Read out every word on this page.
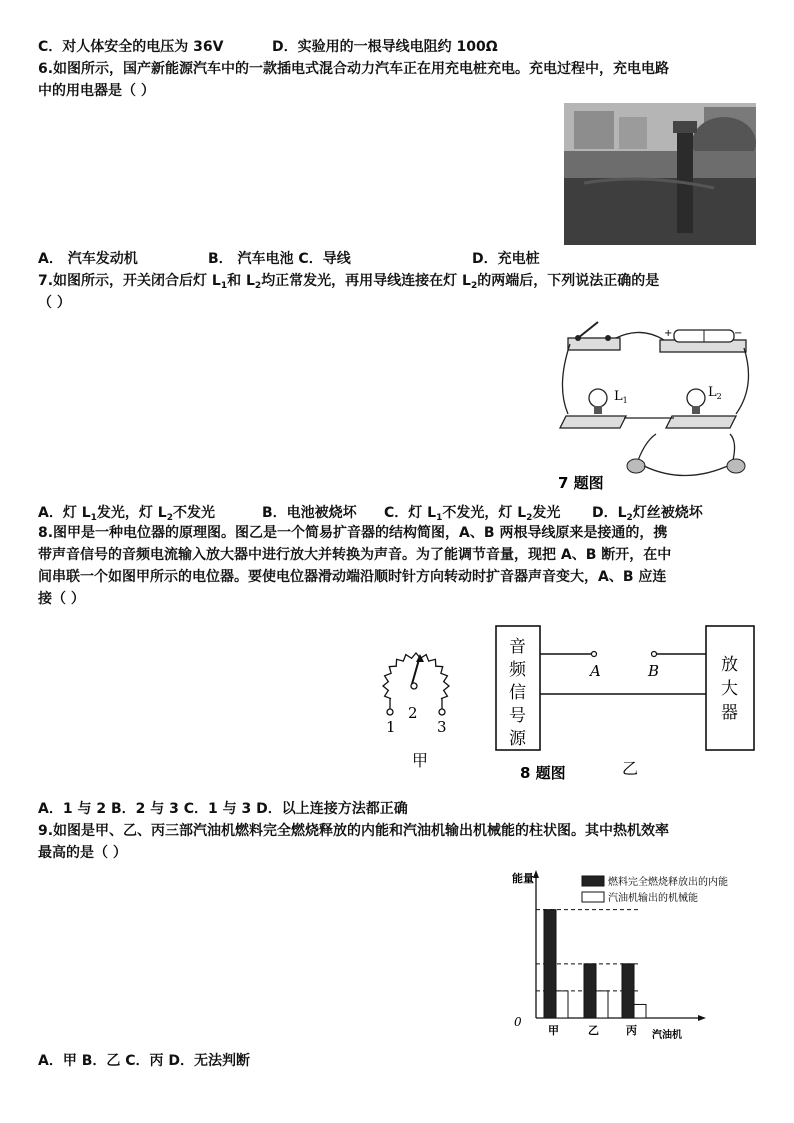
C．对人体安全的电压为 36V	D．实验用的一根导线电阻约 100Ω
6.如图所示，国产新能源汽车中的一款插电式混合动力汽车正在用充电桩充电。充电过程中，充电电路
中的用电器是（ ）
A． 汽车发动机	B． 汽车电池 C．导线	D．充电桩
7.如图所示，开关闭合后灯 $L_1$和 $L_2$均正常发光，再用导线连接在灯 $L_2$的两端后，下列说法正确的是
（ ）
+	−
$L_1$
$L_2$
7 题图
A．灯 $L_1$发光，灯 $L_2$不发光	B．电池被烧坏 C．灯 $L_1$不发光，灯 $L_2$发光 D．$L_2$灯丝被烧坏
8.图甲是一种电位器的原理图。图乙是一个简易扩音器的结构简图，A、B 两根导线原来是接通的，携
带声音信号的音频电流输入放大器中进行放大并转换为声音。为了能调节音量，现把 A、B 断开，在中
间串联一个如图甲所示的电位器。要使电位器滑动端沿顺时针方向转动时扩音器声音变大，A、B 应连
接（ ）
1
2
3
甲
A	B
音
频
信
号
源
放
大
器
8 题图	乙
A．1 与 2 B．2 与 3 C．1 与 3 D．以上连接方法都正确
9.如图是甲、乙、丙三部汽油机燃料完全燃烧释放的内能和汽油机输出机械能的柱状图。其中热机效率
最高的是（ ）
能量
0
汽油机
甲	乙 丙
燃料完全燃烧释放出的内能
汽油机输出的机械能
A．甲 B．乙 C．丙 D．无法判断
